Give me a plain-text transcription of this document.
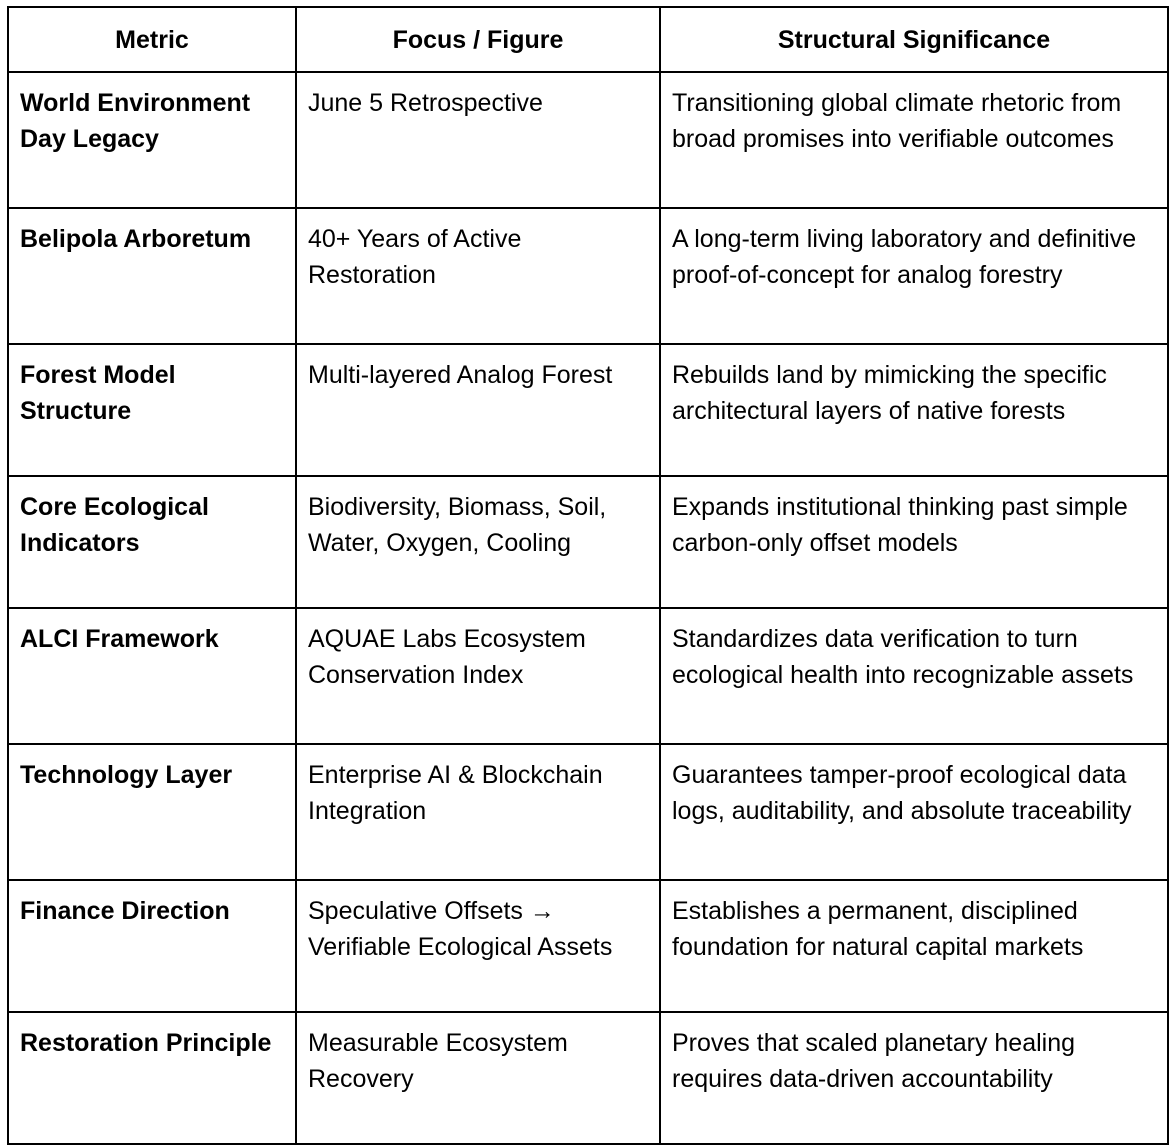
Metric	Focus / Figure	Structural Significance
World Environment Day Legacy	June 5 Retrospective	Transitioning global climate rhetoric from broad promises into verifiable outcomes
Belipola Arboretum	40+ Years of Active Restoration	A long-term living laboratory and definitive proof-of-concept for analog forestry
Forest Model Structure	Multi-layered Analog Forest	Rebuilds land by mimicking the specific architectural layers of native forests
Core Ecological Indicators	Biodiversity, Biomass, Soil, Water, Oxygen, Cooling	Expands institutional thinking past simple carbon-only offset models
ALCI Framework	AQUAE Labs Ecosystem Conservation Index	Standardizes data verification to turn ecological health into recognizable assets
Technology Layer	Enterprise AI & Blockchain Integration	Guarantees tamper-proof ecological data logs, auditability, and absolute traceability
Finance Direction	Speculative Offsets → Verifiable Ecological Assets	Establishes a permanent, disciplined foundation for natural capital markets
Restoration Principle	Measurable Ecosystem Recovery	Proves that scaled planetary healing requires data-driven accountability
